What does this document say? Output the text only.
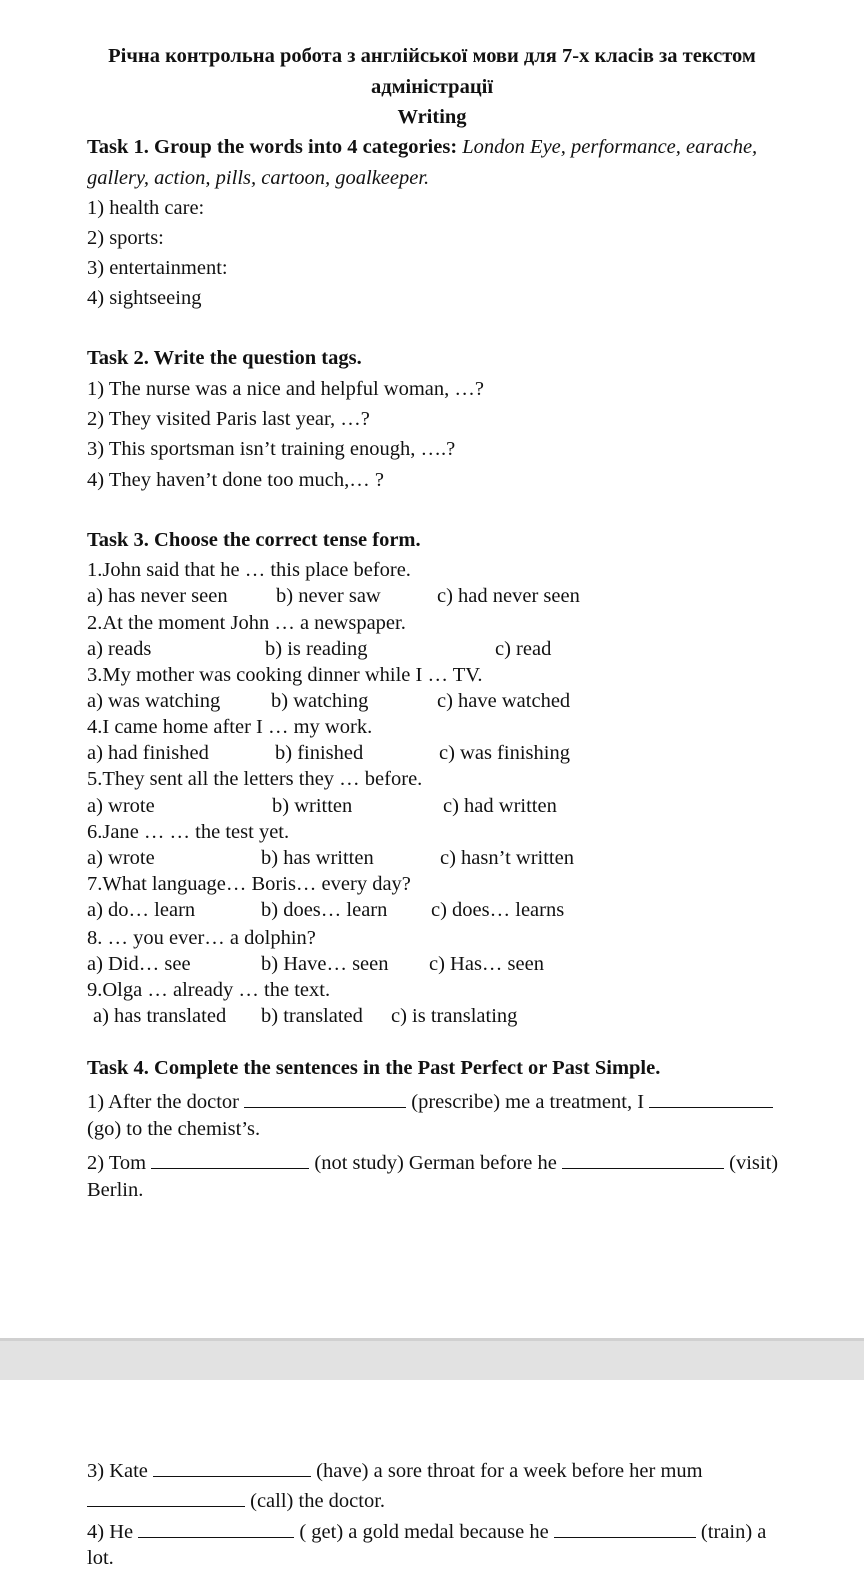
Річна контрольна робота з англійської мови для 7-х класів за текстом
адміністрації
Writing
Task 1. Group the words into 4 categories: London Eye, performance, earache,
gallery, action, pills, cartoon, goalkeeper.
1) health care:
2) sports:
3) entertainment:
4) sightseeing
Task 2. Write the question tags.
1) The nurse was a nice and helpful woman, …?
2) They visited Paris last year, …?
3) This sportsman isn’t training enough, ….?
4) They haven’t done too much,… ?
Task 3. Choose the correct tense form.
1.John said that he … this place before.
a) has never seen b) never saw	c) had never seen
2.At the moment John … a newspaper.
a) reads	b) is reading	c) read
3.My mother was cooking dinner while I … TV.
a) was watching b) watching	c) have watched
4.I came home after I … my work.
a) had finished	b) finished	c) was finishing
5.They sent all the letters they … before.
a) wrote	b) written	c) had written
6.Jane … … the test yet.
a) wrote	b) has written	c) hasn’t written
7.What language… Boris… every day?
a) do… learn	b) does… learn c) does… learns
8. … you ever… a dolphin?
a) Did… see	b) Have… seen c) Has… seen
9.Olga … already … the text.
a) has translated b) translated c) is translating
Task 4. Complete the sentences in the Past Perfect or Past Simple.
1) After the doctor	(prescribe) me a treatment, I
(go) to the chemist’s.
2) Tom	(not study) German before he	(visit)
Berlin.
3) Kate	(have) a sore throat for a week before her mum
(call) the doctor.
4) He	( get) a gold medal because he	(train) a
lot.
